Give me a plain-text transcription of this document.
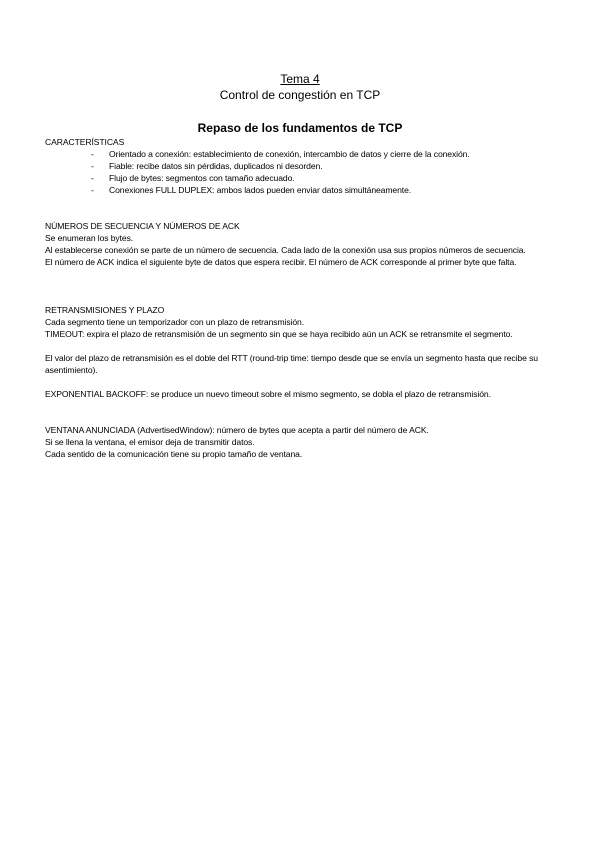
Tema 4
Control de congestión en TCP
Repaso de los fundamentos de TCP

CARACTERÍSTICAS

- Orientado a conexión: establecimiento de conexión, intercambio de datos y cierre de la conexión.
- Fiable: recibe datos sin pérdidas, duplicados ni desorden.
- Flujo de bytes: segmentos con tamaño adecuado.
- Conexiones FULL DUPLEX: ambos lados pueden enviar datos simultáneamente.

NÚMEROS DE SECUENCIA Y NÚMEROS DE ACK

Se enumeran los bytes.

Al establecerse conexión se parte de un número de secuencia. Cada lado de la conexión usa sus propios números de secuencia.

El número de ACK indica el siguiente byte de datos que espera recibir. El número de ACK corresponde al primer byte que falta.

RETRANSMISIONES Y PLAZO

Cada segmento tiene un temporizador con un plazo de retransmisión.

TIMEOUT: expira el plazo de retransmisión de un segmento sin que se haya recibido aún un ACK se retransmite el segmento.

El valor del plazo de retransmisión es el doble del RTT (round-trip time: tiempo desde que se envía un segmento hasta que recibe su asentimiento).

EXPONENTIAL BACKOFF: se produce un nuevo timeout sobre el mismo segmento, se dobla el plazo de retransmisión.

VENTANA ANUNCIADA (AdvertisedWindow): número de bytes que acepta a partir del número de ACK.

Si se llena la ventana, el emisor deja de transmitir datos.

Cada sentido de la comunicación tiene su propio tamaño de ventana.
